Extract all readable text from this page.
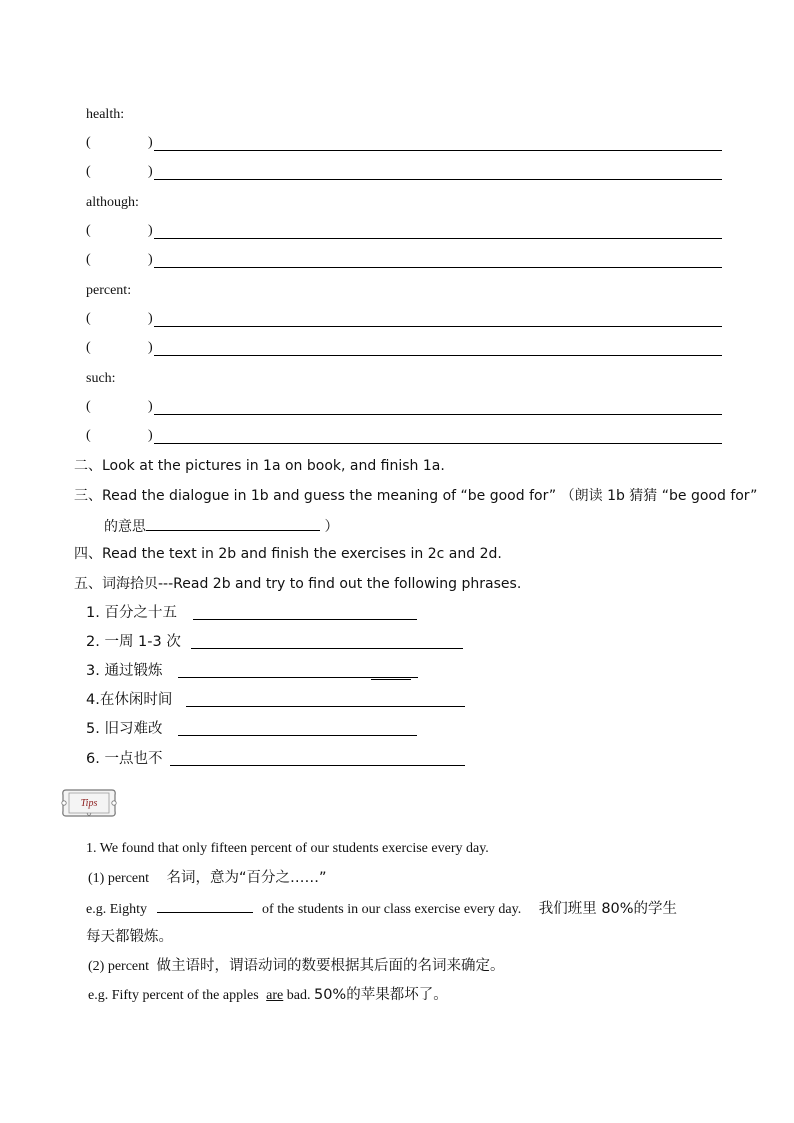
health:
(	)
(	)
although:
(	)
(	)
percent:
(	)
(	)
such:
(	)
(	)
二、Look at the pictures in 1a on book, and finish 1a.
三、Read the dialogue in 1b and guess the meaning of “be good for” （朗读 1b 猜猜 “be good for”
的意思	）
四、Read the text in 2b and finish the exercises in 2c and 2d.
五、词海拾贝---Read 2b and try to find out the following phrases.
1. 百分之十五
2. 一周 1-3 次
3. 通过锻炼
4.在休闲时间
5. 旧习难改
6. 一点也不
Tips
1. We found that only fifteen percent of our students exercise every day.
(1) percent 名词，意为“百分之……”
e.g. Eighty	of the students in our class exercise every day. 我们班里 80%的学生
每天都锻炼。
(2) percent 做主语时，谓语动词的数要根据其后面的名词来确定。
e.g. Fifty percent of the apples are bad. 50%的苹果都坏了。
